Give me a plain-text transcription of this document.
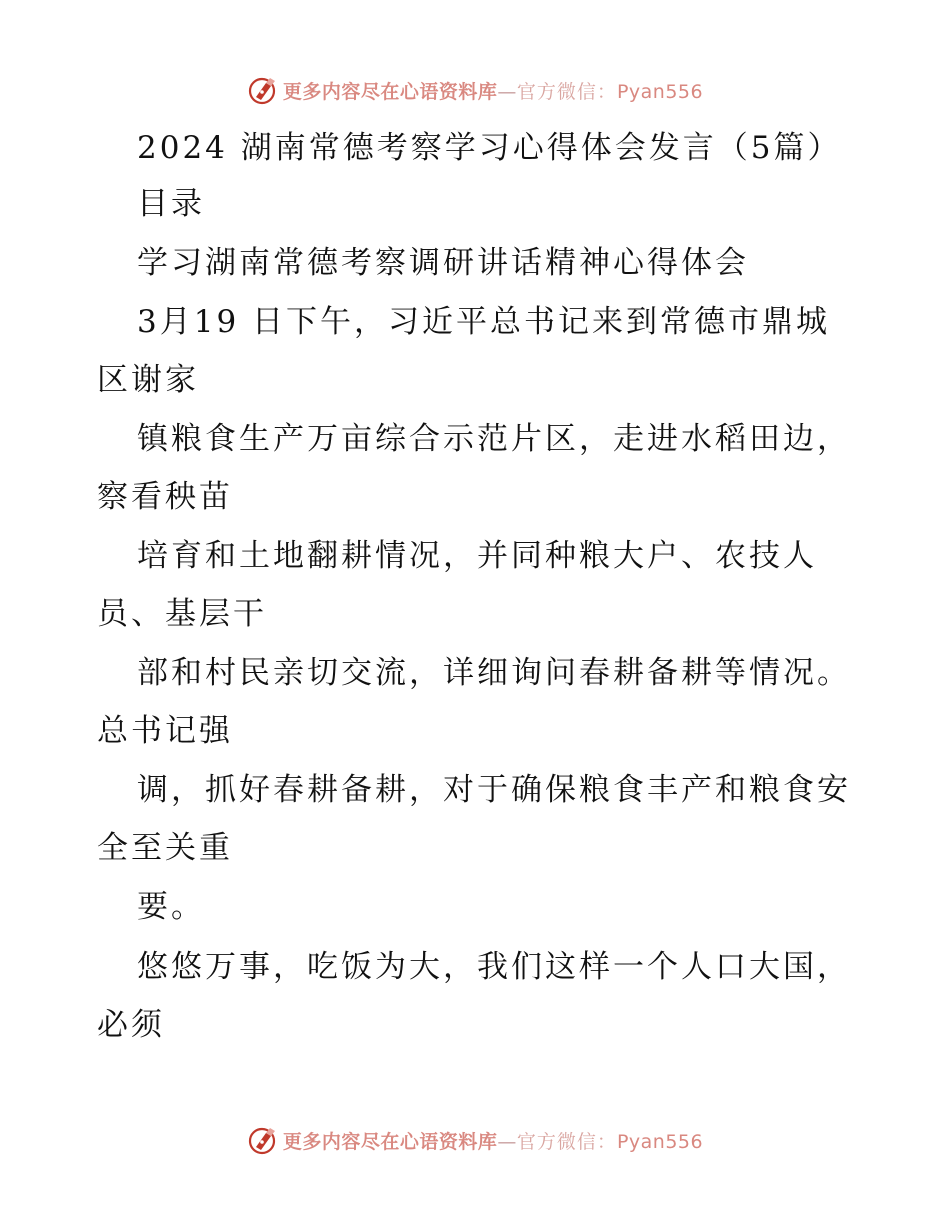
更多内容尽在心语资料库—官方微信：Pyan556
2024 湖南常德考察学习心得体会发言（5篇）
目录
学习湖南常德考察调研讲话精神心得体会
3月19 日下午，习近平总书记来到常德市鼎城
区谢家
镇粮食生产万亩综合示范片区，走进水稻田边，
察看秧苗
培育和土地翻耕情况，并同种粮大户、农技人
员、基层干
部和村民亲切交流，详细询问春耕备耕等情况。
总书记强
调，抓好春耕备耕，对于确保粮食丰产和粮食安
全至关重
要。
悠悠万事，吃饭为大，我们这样一个人口大国，
必须
更多内容尽在心语资料库—官方微信：Pyan556
